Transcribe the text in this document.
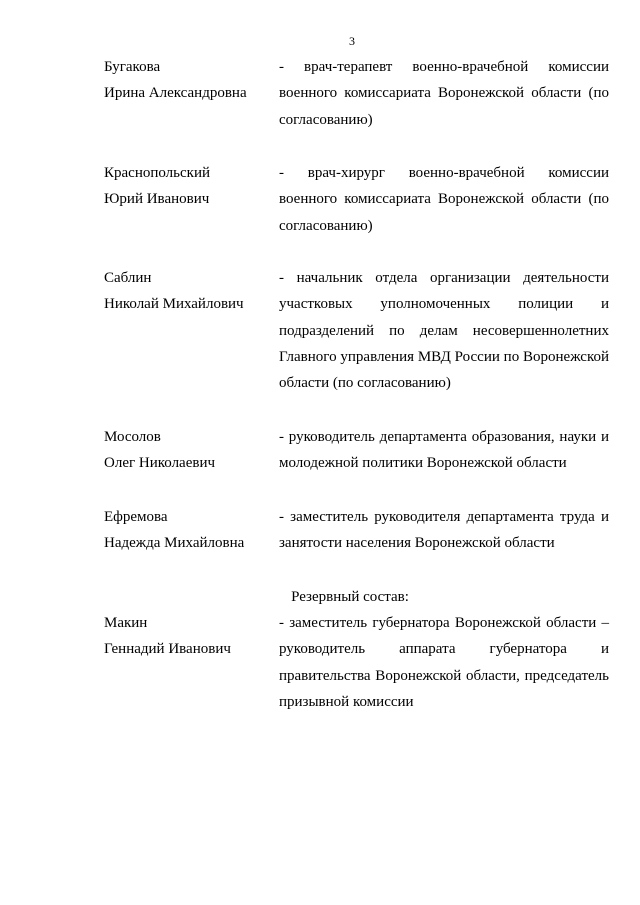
3
Бугакова
Ирина Александровна
- врач-терапевт военно-врачебной комиссии военного комиссариата Воронежской области (по согласованию)
Краснопольский
Юрий Иванович
- врач-хирург военно-врачебной комиссии военного комиссариата Воронежской области (по согласованию)
Саблин
Николай Михайлович
- начальник отдела организации деятельности участковых уполномоченных полиции и подразделений по делам несовершеннолетних Главного управления МВД России по Воронежской области (по согласованию)
Мосолов
Олег Николаевич
- руководитель департамента образования, науки и молодежной политики Воронежской области
Ефремова
Надежда Михайловна
- заместитель руководителя департамента труда и занятости населения Воронежской области
Резервный состав:
Макин
Геннадий Иванович
- заместитель губернатора Воронежской области – руководитель аппарата губернатора и правительства Воронежской области, председатель призывной комиссии
